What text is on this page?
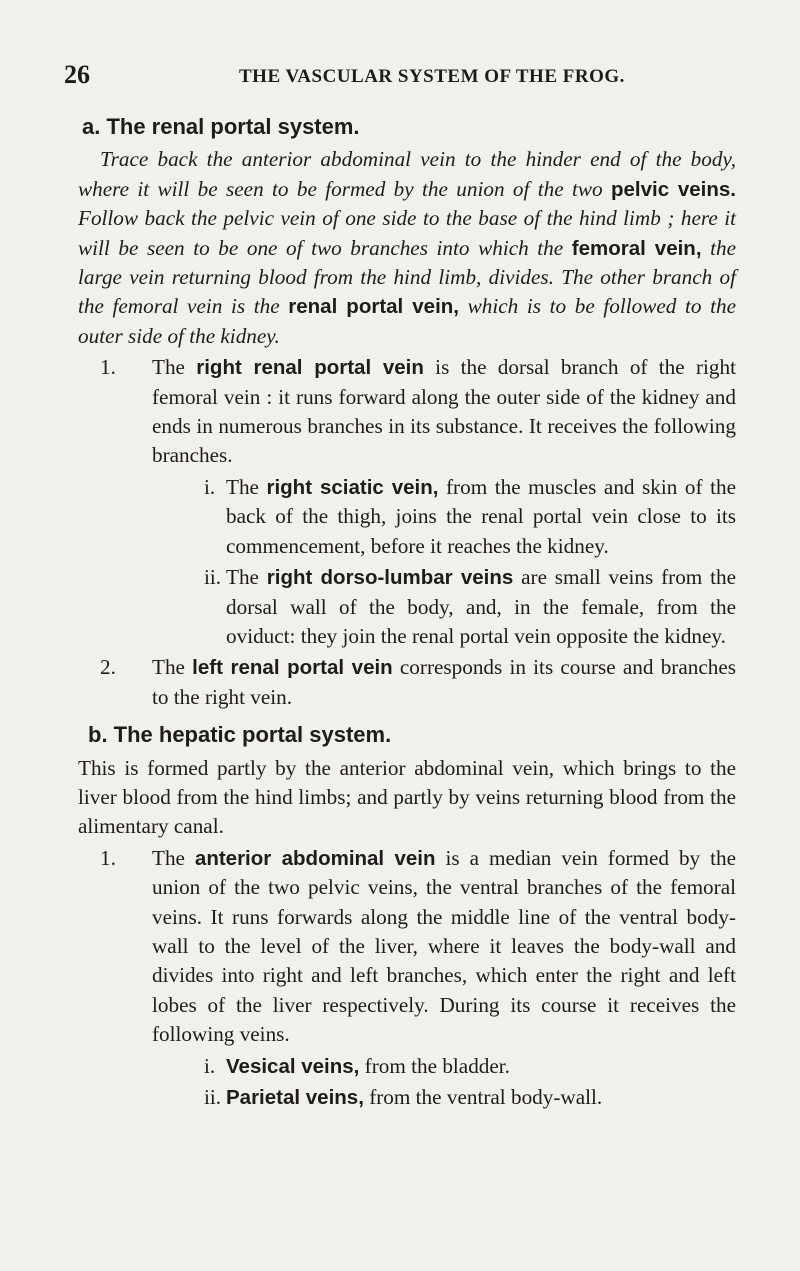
26	THE VASCULAR SYSTEM OF THE FROG.
a. The renal portal system.

Trace back the anterior abdominal vein to the hinder end of the body, where it will be seen to be formed by the union of the two pelvic veins. Follow back the pelvic vein of one side to the base of the hind limb ; here it will be seen to be one of two branches into which the femoral vein, the large vein returning blood from the hind limb, divides. The other branch of the femoral vein is the renal portal vein, which is to be followed to the outer side of the kidney.

1. The right renal portal vein is the dorsal branch of the right femoral vein : it runs forward along the outer side of the kidney and ends in numerous branches in its substance. It receives the following branches.
i. The right sciatic vein, from the muscles and skin of the back of the thigh, joins the renal portal vein close to its commencement, before it reaches the kidney.
ii. The right dorso-lumbar veins are small veins from the dorsal wall of the body, and, in the female, from the oviduct: they join the renal portal vein opposite the kidney.
2. The left renal portal vein corresponds in its course and branches to the right vein.
b. The hepatic portal system.

This is formed partly by the anterior abdominal vein, which brings to the liver blood from the hind limbs; and partly by veins returning blood from the alimentary canal.

1. The anterior abdominal vein is a median vein formed by the union of the two pelvic veins, the ventral branches of the femoral veins. It runs forwards along the middle line of the ventral body-wall to the level of the liver, where it leaves the body-wall and divides into right and left branches, which enter the right and left lobes of the liver respectively. During its course it receives the following veins.
i. Vesical veins, from the bladder.
ii. Parietal veins, from the ventral body-wall.
